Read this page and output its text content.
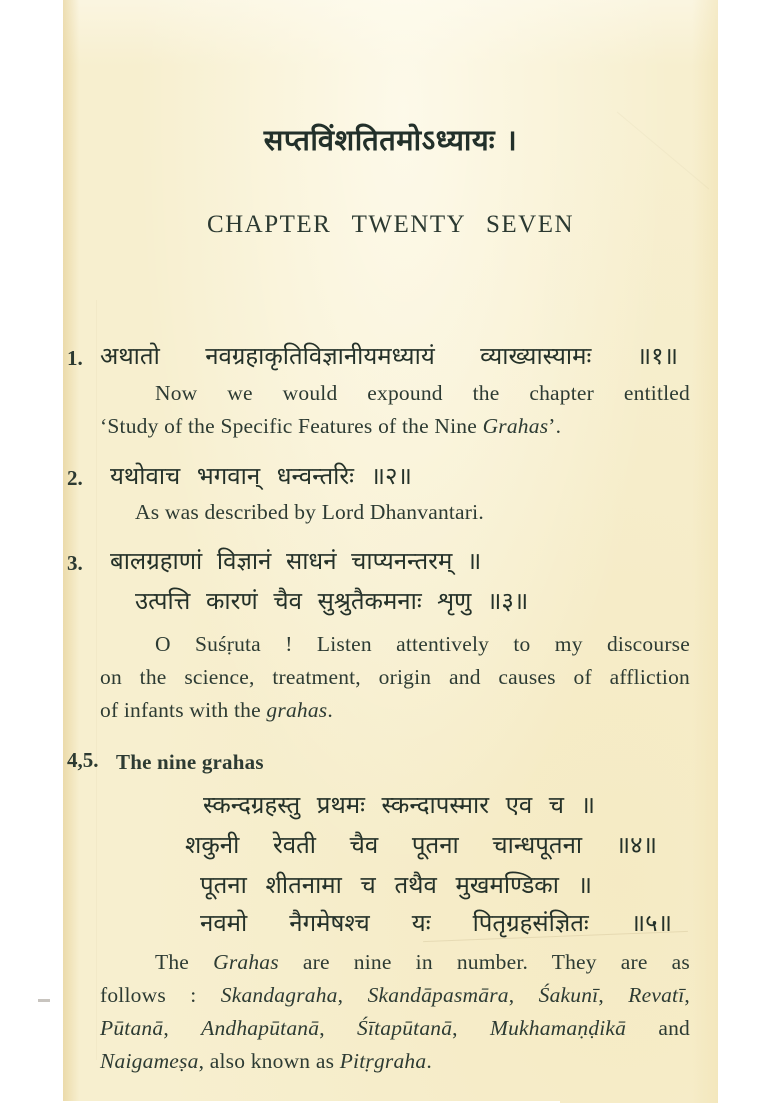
सप्तविंशतितमोऽध्यायः ।
CHAPTER TWENTY SEVEN
1. अथातो नवग्रहाकृतिविज्ञानीयमध्यायं व्याख्यास्यामः ॥१॥
Now we would expound the chapter entitled
‘Study of the Specific Features of the Nine Grahas’.
2. यथोवाच भगवान् धन्वन्तरिः ॥२॥
As was described by Lord Dhanvantari.
3. बालग्रहाणां विज्ञानं साधनं चाप्यनन्तरम् ॥
उत्पत्ति कारणं चैव सुश्रुतैकमनाः शृणु ॥३॥
O Suśṛuta ! Listen attentively to my discourse
on the science, treatment, origin and causes of affliction
of infants with the grahas.
4,5. The nine grahas
स्कन्दग्रहस्तु प्रथमः स्कन्दापस्मार एव च ॥
शकुनी रेवती चैव पूतना चान्धपूतना ॥४॥
पूतना शीतनामा च तथैव मुखमण्डिका ॥
नवमो नैगमेषश्च यः पितृग्रहसंज्ञितः ॥५॥
The Grahas are nine in number. They are as
follows : Skandagraha, Skandāpasmāra, Śakunī, Revatī,
Pūtanā, Andhapūtanā, Śītapūtanā, Mukhamaṇḍikā and
Naigameṣa, also known as Pitṛgraha.
